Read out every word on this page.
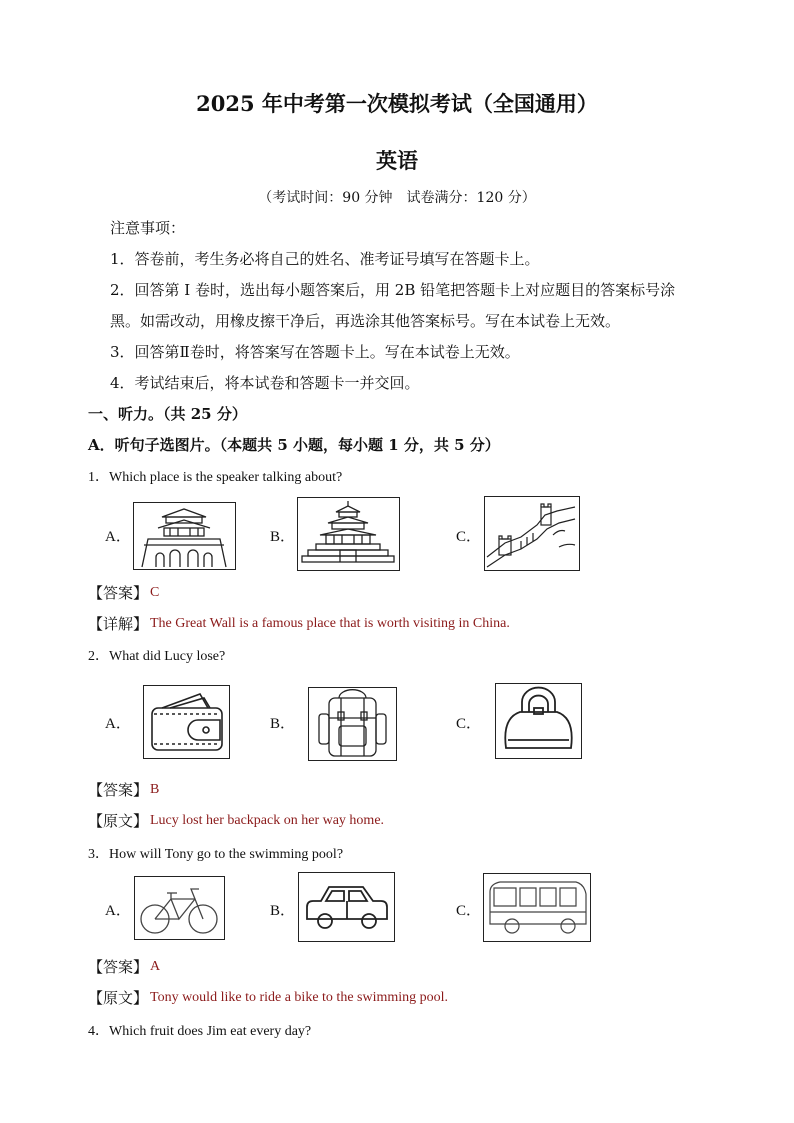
2025 年中考第一次模拟考试（全国通用）
英语
（考试时间：90 分钟　试卷满分：120 分）
注意事项：
1．答卷前，考生务必将自己的姓名、准考证号填写在答题卡上。
2．回答第 I 卷时，选出每小题答案后，用 2B 铅笔把答题卡上对应题目的答案标号涂
黑。如需改动，用橡皮擦干净后，再选涂其他答案标号。写在本试卷上无效。
3．回答第Ⅱ卷时，将答案写在答题卡上。写在本试卷上无效。
4．考试结束后，将本试卷和答题卡一并交回。
一、听力。（共 25 分）
A．听句子选图片。（本题共 5 小题，每小题 1 分，共 5 分）
1．Which place is the speaker talking about?
A．	B．	C．
【答案】 C
【详解】 The Great Wall is a famous place that is worth visiting in China.
2．What did Lucy lose?
A．	B．	C．
【答案】 B
【原文】 Lucy lost her backpack on her way home.
3．How will Tony go to the swimming pool?
A．	B．	C．
【答案】 A
【原文】 Tony would like to ride a bike to the swimming pool.
4．Which fruit does Jim eat every day?
